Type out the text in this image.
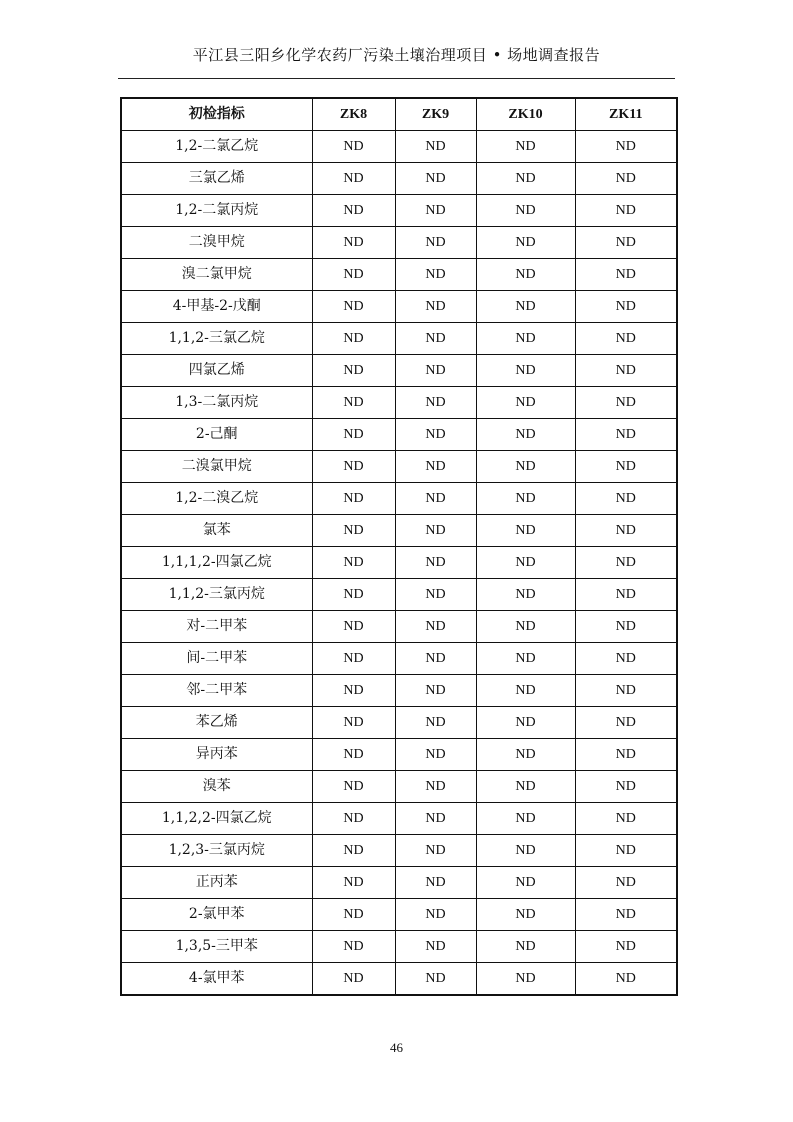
平江县三阳乡化学农药厂污染土壤治理项目 • 场地调查报告
初检指标	ZK8	ZK9	ZK10	ZK11
1,2-二氯乙烷	ND	ND	ND	ND
三氯乙烯	ND	ND	ND	ND
1,2-二氯丙烷	ND	ND	ND	ND
二溴甲烷	ND	ND	ND	ND
溴二氯甲烷	ND	ND	ND	ND
4-甲基-2-戊酮	ND	ND	ND	ND
1,1,2-三氯乙烷	ND	ND	ND	ND
四氯乙烯	ND	ND	ND	ND
1,3-二氯丙烷	ND	ND	ND	ND
2-己酮	ND	ND	ND	ND
二溴氯甲烷	ND	ND	ND	ND
1,2-二溴乙烷	ND	ND	ND	ND
氯苯	ND	ND	ND	ND
1,1,1,2-四氯乙烷	ND	ND	ND	ND
1,1,2-三氯丙烷	ND	ND	ND	ND
对-二甲苯	ND	ND	ND	ND
间-二甲苯	ND	ND	ND	ND
邻-二甲苯	ND	ND	ND	ND
苯乙烯	ND	ND	ND	ND
异丙苯	ND	ND	ND	ND
溴苯	ND	ND	ND	ND
1,1,2,2-四氯乙烷	ND	ND	ND	ND
1,2,3-三氯丙烷	ND	ND	ND	ND
正丙苯	ND	ND	ND	ND
2-氯甲苯	ND	ND	ND	ND
1,3,5-三甲苯	ND	ND	ND	ND
4-氯甲苯	ND	ND	ND	ND
46
